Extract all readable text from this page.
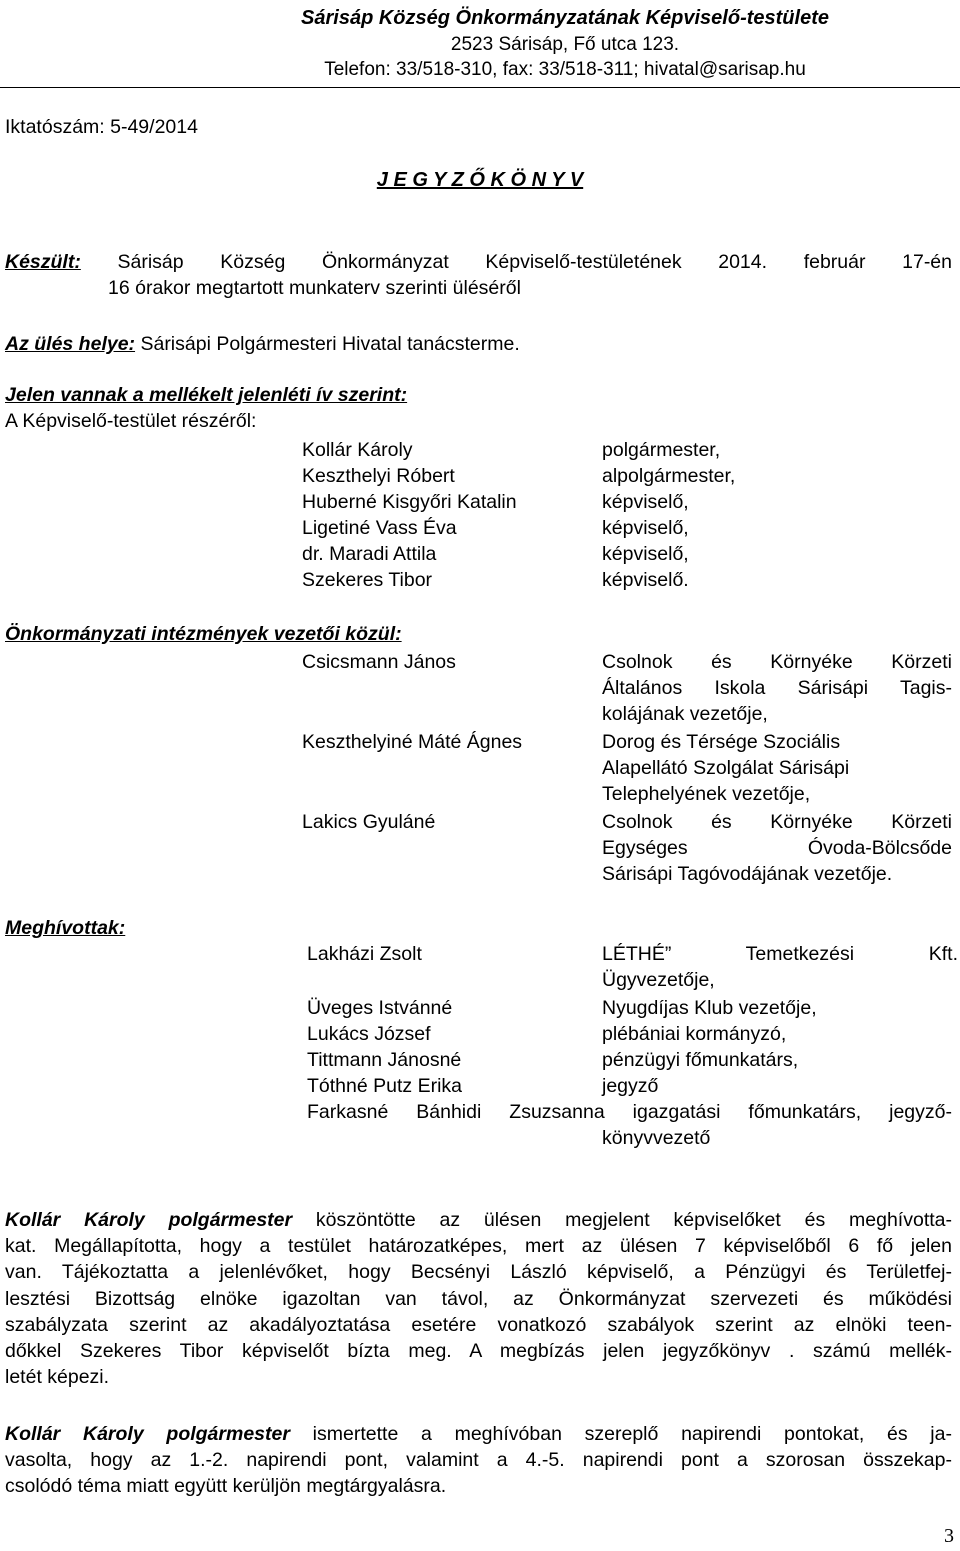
Sárisáp Község Önkormányzatának Képviselő-testülete
2523 Sárisáp, Fő utca 123.
Telefon: 33/518-310, fax: 33/518-311; hivatal@sarisap.hu
Iktatószám: 5-49/2014
J E G Y Z Ő K Ö N Y V
Készült: Sárisáp Község Önkormányzat Képviselő-testületének 2014. február 17-én
16 órakor megtartott munkaterv szerinti üléséről
Az ülés helye: Sárisápi Polgármesteri Hivatal tanácsterme.
Jelen vannak a mellékelt jelenléti ív szerint:
A Képviselő-testület részéről:
Kollár Károly	polgármester,
Keszthelyi Róbert	alpolgármester,
Huberné Kisgyőri Katalin	képviselő,
Ligetiné Vass Éva	képviselő,
dr. Maradi Attila	képviselő,
Szekeres Tibor	képviselő.
Önkormányzati intézmények vezetői közül:
Csicsmann János	Csolnok és Környéke Körzeti
Általános Iskola Sárisápi Tagis-
kolájának vezetője,
Keszthelyiné Máté Ágnes	Dorog és Térsége Szociális
Alapellátó Szolgálat Sárisápi
Telephelyének vezetője,
Lakics Gyuláné	Csolnok és Környéke Körzeti
Egységes Óvoda-Bölcsőde
Sárisápi Tagóvodájának vezetője.
Meghívottak:
Lakházi Zsolt	LÉTHÉ” Temetkezési Kft.
Ügyvezetője,
Üveges Istvánné	Nyugdíjas Klub vezetője,
Lukács József	plébániai kormányzó,
Tittmann Jánosné	pénzügyi főmunkatárs,
Tóthné Putz Erika	jegyző
Farkasné Bánhidi Zsuzsanna igazgatási főmunkatárs, jegyző-
könyvvezető
Kollár Károly polgármester köszöntötte az ülésen megjelent képviselőket és meghívotta-
kat. Megállapította, hogy a testület határozatképes, mert az ülésen 7 képviselőből 6 fő jelen
van. Tájékoztatta a jelenlévőket, hogy Becsényi László képviselő, a Pénzügyi és Területfej-
lesztési Bizottság elnöke igazoltan van távol, az Önkormányzat szervezeti és működési
szabályzata szerint az akadályoztatása esetére vonatkozó szabályok szerint az elnöki teen-
dőkkel Szekeres Tibor képviselőt bízta meg. A megbízás jelen jegyzőkönyv . számú mellék-
letét képezi.
Kollár Károly polgármester ismertette a meghívóban szereplő napirendi pontokat, és ja-
vasolta, hogy az 1.-2. napirendi pont, valamint a 4.-5. napirendi pont a szorosan összekap-
csolódó téma miatt együtt kerüljön megtárgyalásra.
3
